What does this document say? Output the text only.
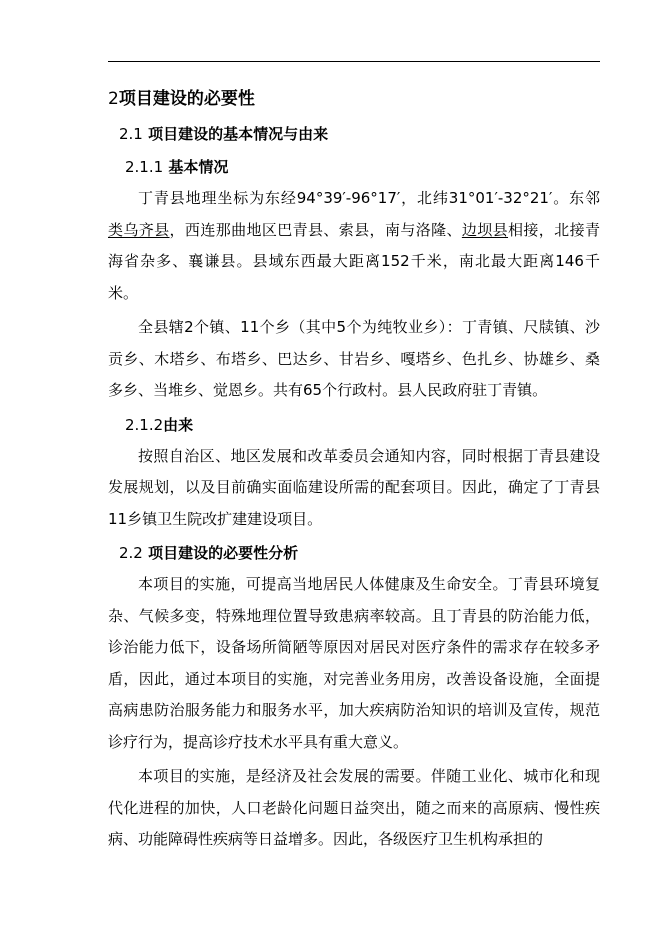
2项目建设的必要性
2.1 项目建设的基本情况与由来
2.1.1 基本情况

丁青县地理坐标为东经94°39′-96°17′，北纬31°01′-32°21′。东邻类乌齐县，西连那曲地区巴青县、索县，南与洛隆、边坝县相接，北接青海省杂多、襄谦县。县域东西最大距离152千米，南北最大距离146千米。

全县辖2个镇、11个乡（其中5个为纯牧业乡）：丁青镇、尺牍镇、沙贡乡、木塔乡、布塔乡、巴达乡、甘岩乡、嘎塔乡、色扎乡、协雄乡、桑多乡、当堆乡、觉恩乡。共有65个行政村。县人民政府驻丁青镇。

2.1.2由来

按照自治区、地区发展和改革委员会通知内容，同时根据丁青县建设发展规划，以及目前确实面临建设所需的配套项目。因此，确定了丁青县11乡镇卫生院改扩建建设项目。

2.2 项目建设的必要性分析

本项目的实施，可提高当地居民人体健康及生命安全。丁青县环境复杂、气候多变，特殊地理位置导致患病率较高。且丁青县的防治能力低，诊治能力低下，设备场所简陋等原因对居民对医疗条件的需求存在较多矛盾，因此，通过本项目的实施，对完善业务用房，改善设备设施，全面提高病患防治服务能力和服务水平，加大疾病防治知识的培训及宣传，规范诊疗行为，提高诊疗技术水平具有重大意义。

本项目的实施，是经济及社会发展的需要。伴随工业化、城市化和现代化进程的加快，人口老龄化问题日益突出，随之而来的高原病、慢性疾病、功能障碍性疾病等日益增多。因此，各级医疗卫生机构承担的
